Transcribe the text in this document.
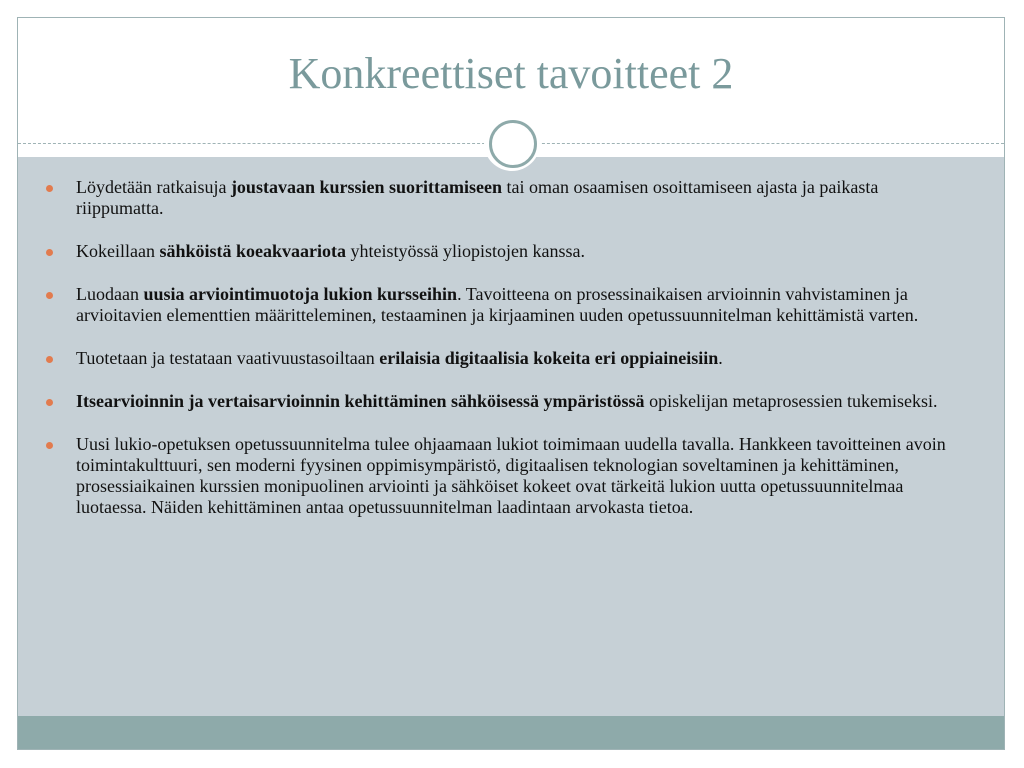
Konkreettiset tavoitteet 2
Löydetään ratkaisuja joustavaan kurssien suorittamiseen tai oman osaamisen osoittamiseen ajasta ja paikasta riippumatta.
Kokeillaan sähköistä koeakvaariota yhteistyössä yliopistojen kanssa.
Luodaan uusia arviointimuotoja lukion kursseihin. Tavoitteena on prosessinaikaisen arvioinnin vahvistaminen ja arvioitavien elementtien määritteleminen, testaaminen ja kirjaaminen uuden opetussuunnitelman kehittämistä varten.
Tuotetaan ja testataan vaativuustasoiltaan erilaisia digitaalisia kokeita eri oppiaineisiin.
Itsearvioinnin ja vertaisarvioinnin kehittäminen sähköisessä ympäristössä opiskelijan metaprosessien tukemiseksi.
Uusi lukio-opetuksen opetussuunnitelma tulee ohjaamaan lukiot toimimaan uudella tavalla. Hankkeen tavoitteinen avoin toimintakulttuuri, sen moderni fyysinen oppimisympäristö, digitaalisen teknologian soveltaminen ja kehittäminen, prosessiaikainen kurssien monipuolinen arviointi ja sähköiset kokeet ovat tärkeitä lukion uutta opetussuunnitelmaa luotaessa. Näiden kehittäminen antaa opetussuunnitelman laadintaan arvokasta tietoa.
